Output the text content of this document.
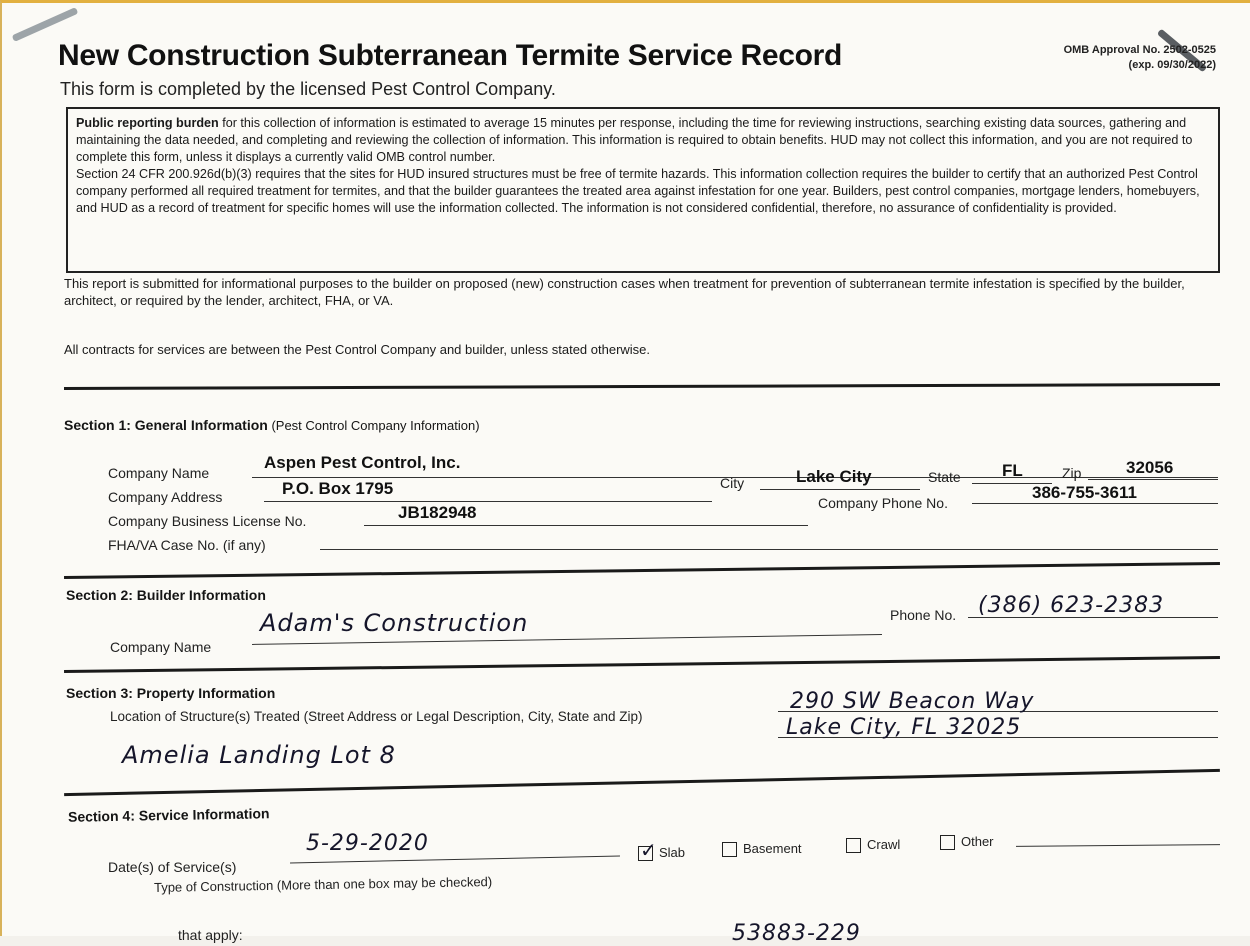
New Construction Subterranean Termite Service Record
This form is completed by the licensed Pest Control Company.
OMB Approval No. 2502-0525
(exp. 09/30/2022)

Public reporting burden for this collection of information is estimated to average 15 minutes per response, including the time for reviewing instructions, searching existing data sources, gathering and maintaining the data needed, and completing and reviewing the collection of information. This information is required to obtain benefits. HUD may not collect this information, and you are not required to complete this form, unless it displays a currently valid OMB control number.

Section 24 CFR 200.926d(b)(3) requires that the sites for HUD insured structures must be free of termite hazards. This information collection requires the builder to certify that an authorized Pest Control company performed all required treatment for termites, and that the builder guarantees the treated area against infestation for one year. Builders, pest control companies, mortgage lenders, homebuyers, and HUD as a record of treatment for specific homes will use the information collected. The information is not considered confidential, therefore, no assurance of confidentiality is provided.

This report is submitted for informational purposes to the builder on proposed (new) construction cases when treatment for prevention of subterranean termite infestation is specified by the builder, architect, or required by the lender, architect, FHA, or VA.
All contracts for services are between the Pest Control Company and builder, unless stated otherwise.
Section 1: General Information (Pest Control Company Information)
Company Name
Aspen Pest Control, Inc.
Company Address	P.O. Box 1795	City	Lake City	State FL	Zip	32056
Company Phone No.
386-755-3611
Company Business License No.	JB182948
FHA/VA Case No. (if any)
Section 2: Builder Information
Company Name
Adam's Construction	Phone No. (386) 623-2383
Section 3: Property Information
Location of Structure(s) Treated (Street Address or Legal Description, City, State and Zip)
290 SW Beacon Way
Lake City, FL 32025
Amelia Landing Lot 8
Section 4: Service Information
Date(s) of Service(s)
5-29-2020
Type of Construction (More than one box may be checked)
✓ Slab	Basement	Crawl	Other
that apply:	53883-229
